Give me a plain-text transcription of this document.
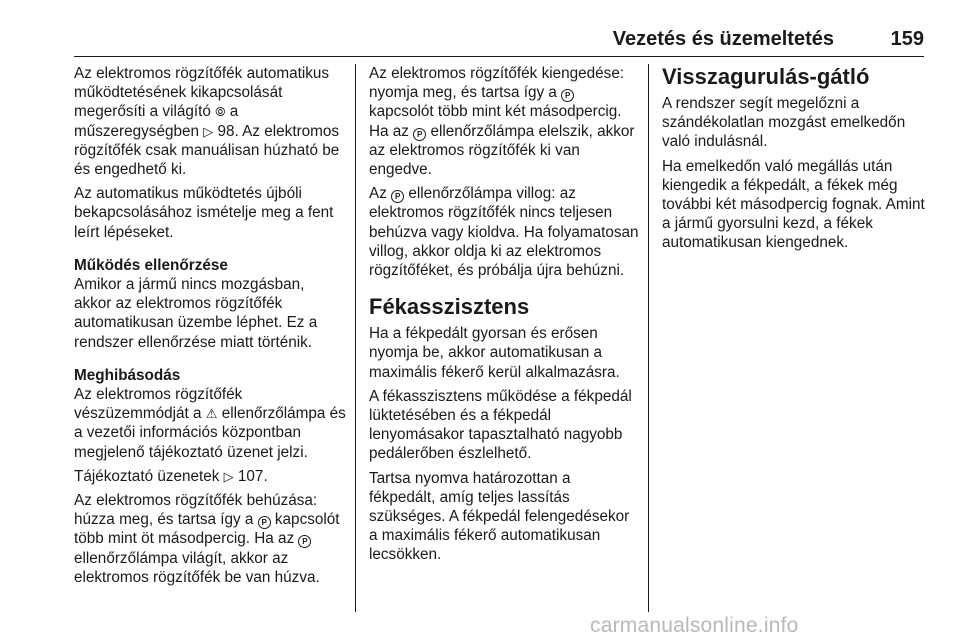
Vezetés és üzemeltetés	159

Az elektromos rögzítőfék automatikus működtetésének kikapcsolását megerősíti a világító ⦾ a műszeregységben ▷ 98. Az elektromos rögzítőfék csak manuálisan húzható be és engedhető ki.

Az automatikus működtetés újbóli bekapcsolásához ismételje meg a fent leírt lépéseket.

Működés ellenőrzése

Amikor a jármű nincs mozgásban, akkor az elektromos rögzítőfék automatikusan üzembe léphet. Ez a rendszer ellenőrzése miatt történik.

Meghibásodás

Az elektromos rögzítőfék vészüzemmódját a ⚠ ellenőrzőlámpa és a vezetői információs központban megjelenő tájékoztató üzenet jelzi.

Tájékoztató üzenetek ▷ 107.

Az elektromos rögzítőfék behúzása: húzza meg, és tartsa így a P kapcsolót több mint öt másodpercig. Ha az P ellenőrzőlámpa világít, akkor az elektromos rögzítőfék be van húzva.

Az elektromos rögzítőfék kiengedése: nyomja meg, és tartsa így a P kapcsolót több mint két másodpercig. Ha az P ellenőrzőlámpa elelszik, akkor az elektromos rögzítőfék ki van engedve.

Az P ellenőrzőlámpa villog: az elektromos rögzítőfék nincs teljesen behúzva vagy kioldva. Ha folyamatosan villog, akkor oldja ki az elektromos rögzítőféket, és próbálja újra behúzni.

Fékasszisztens

Ha a fékpedált gyorsan és erősen nyomja be, akkor automatikusan a maximális fékerő kerül alkalmazásra.

A fékasszisztens működése a fékpedál lüktetésében és a fékpedál lenyomásakor tapasztalható nagyobb pedálerőben észlelhető.

Tartsa nyomva határozottan a fékpedált, amíg teljes lassítás szükséges. A fékpedál felengedésekor a maximális fékerő automatikusan lecsökken.

Visszagurulás-gátló

A rendszer segít megelőzni a szándékolatlan mozgást emelkedőn való indulásnál.

Ha emelkedőn való megállás után kiengedik a fékpedált, a fékek még további két másodpercig fognak. Amint a jármű gyorsulni kezd, a fékek automatikusan kiengednek.

carmanualsonline.info
